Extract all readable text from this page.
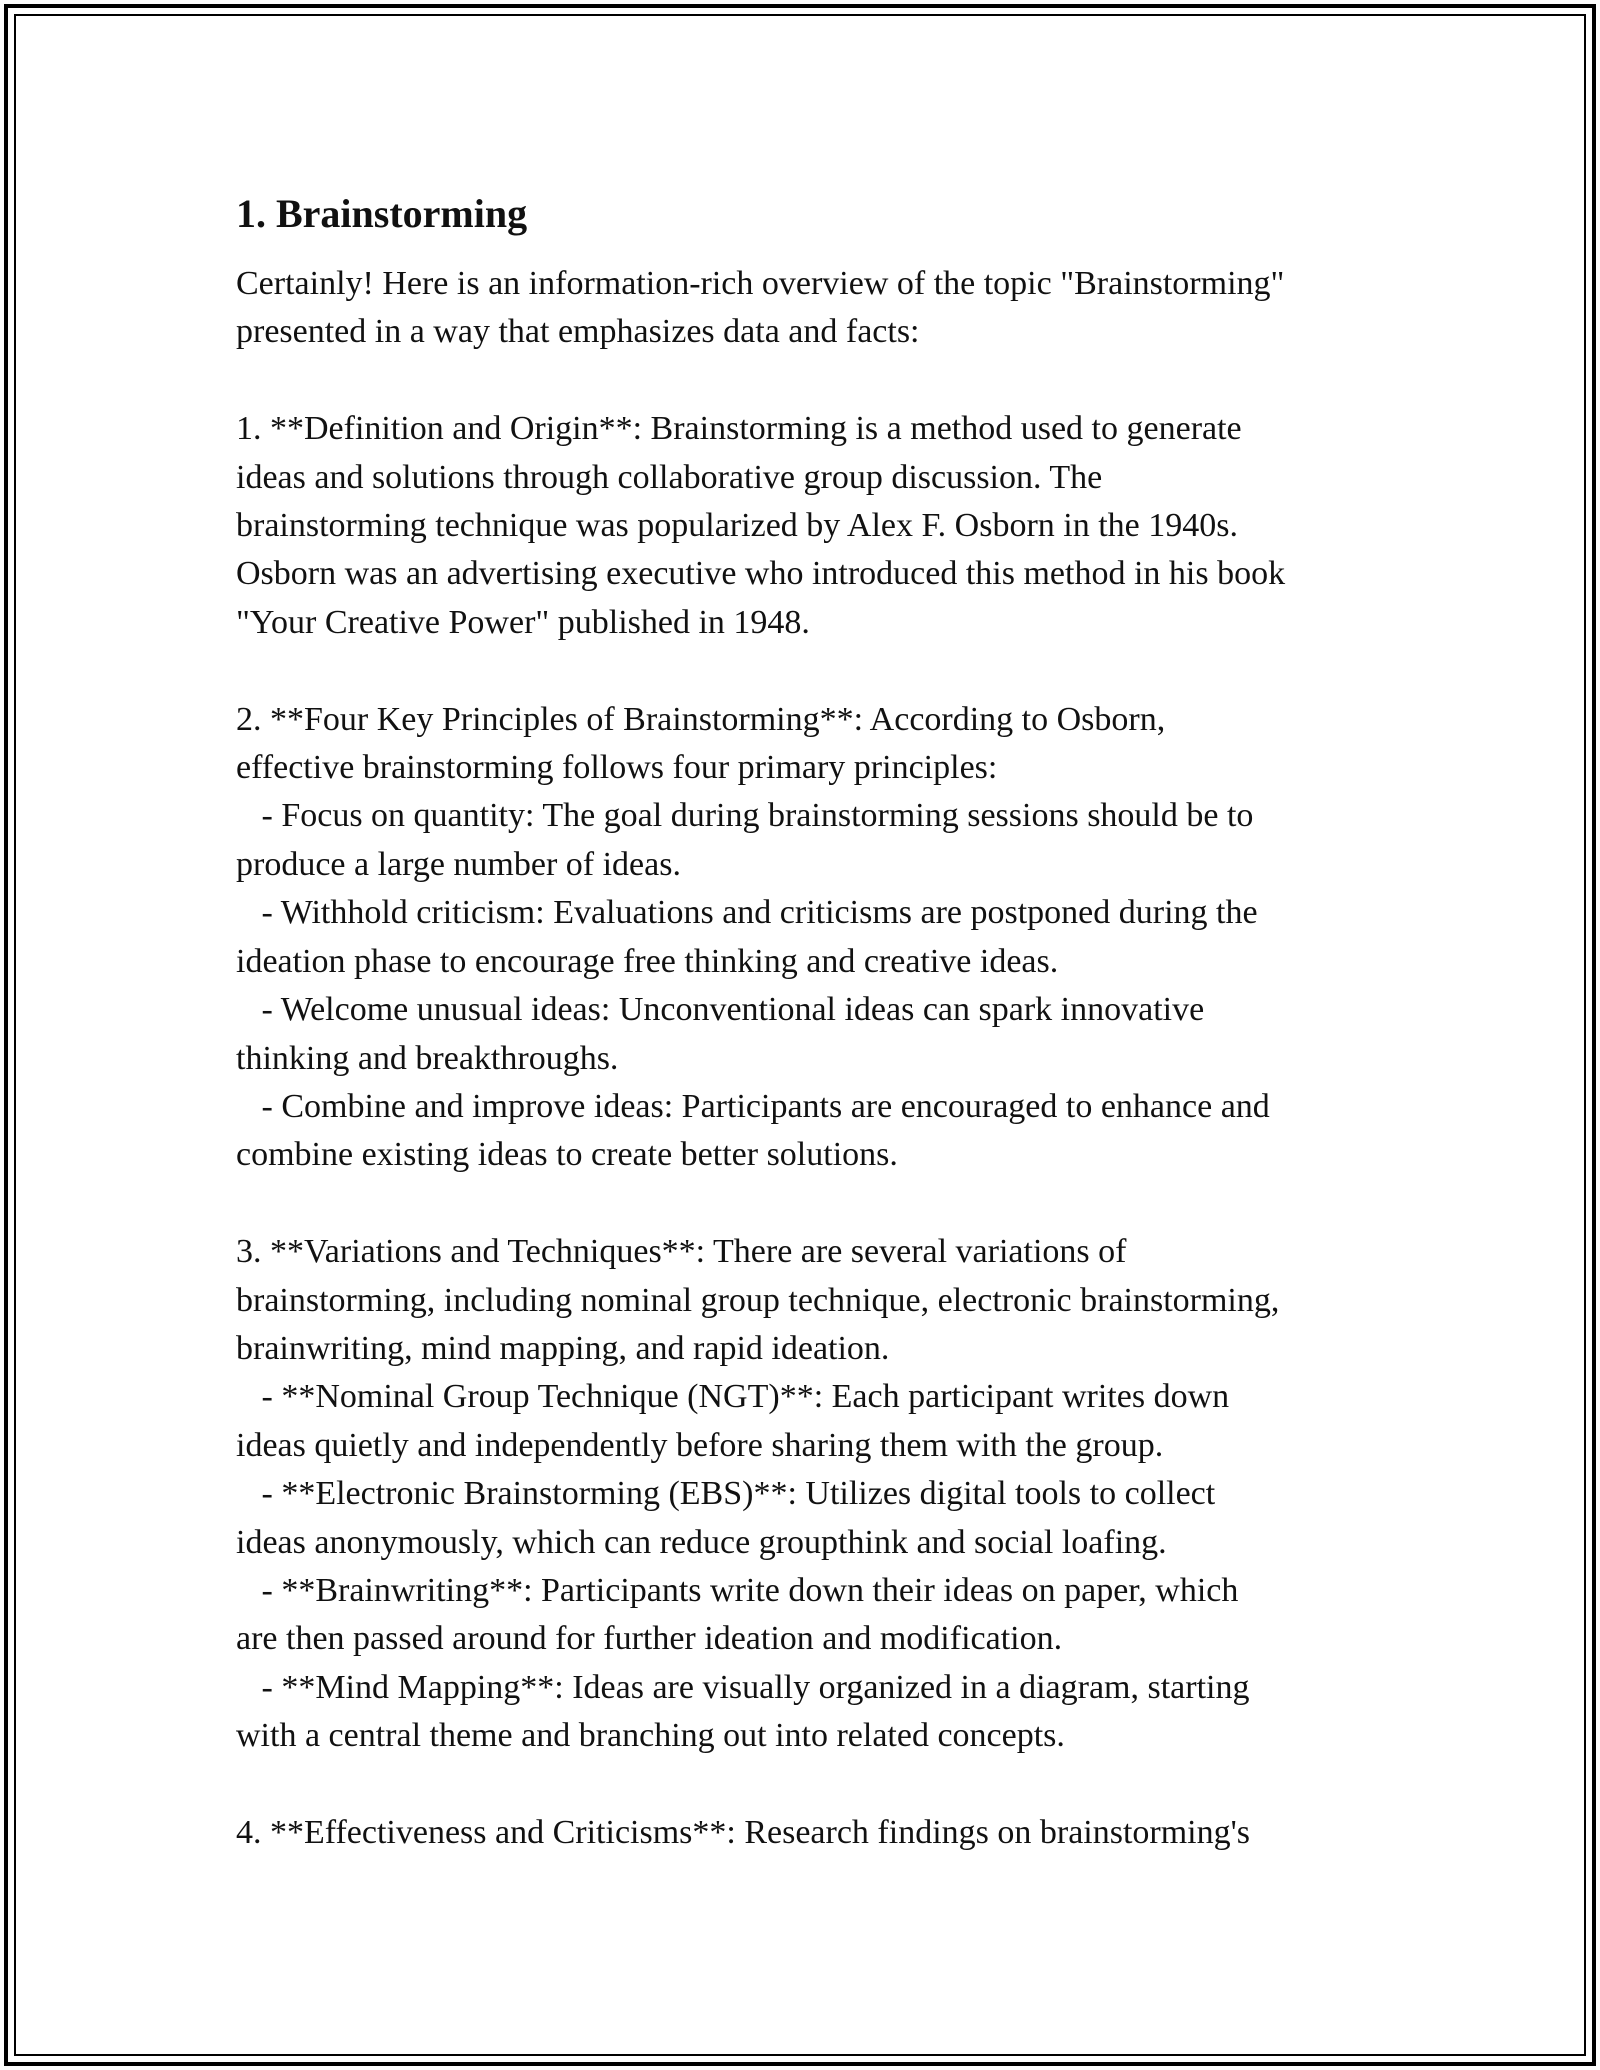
1. Brainstorming

Certainly! Here is an information-rich overview of the topic "Brainstorming"
presented in a way that emphasizes data and facts:

1. **Definition and Origin**: Brainstorming is a method used to generate
ideas and solutions through collaborative group discussion. The
brainstorming technique was popularized by Alex F. Osborn in the 1940s.
Osborn was an advertising executive who introduced this method in his book
"Your Creative Power" published in 1948.

2. **Four Key Principles of Brainstorming**: According to Osborn,
effective brainstorming follows four primary principles:
- Focus on quantity: The goal during brainstorming sessions should be to
produce a large number of ideas.
- Withhold criticism: Evaluations and criticisms are postponed during the
ideation phase to encourage free thinking and creative ideas.
- Welcome unusual ideas: Unconventional ideas can spark innovative
thinking and breakthroughs.
- Combine and improve ideas: Participants are encouraged to enhance and
combine existing ideas to create better solutions.

3. **Variations and Techniques**: There are several variations of
brainstorming, including nominal group technique, electronic brainstorming,
brainwriting, mind mapping, and rapid ideation.
- **Nominal Group Technique (NGT)**: Each participant writes down
ideas quietly and independently before sharing them with the group.
- **Electronic Brainstorming (EBS)**: Utilizes digital tools to collect
ideas anonymously, which can reduce groupthink and social loafing.
- **Brainwriting**: Participants write down their ideas on paper, which
are then passed around for further ideation and modification.
- **Mind Mapping**: Ideas are visually organized in a diagram, starting
with a central theme and branching out into related concepts.

4. **Effectiveness and Criticisms**: Research findings on brainstorming's
